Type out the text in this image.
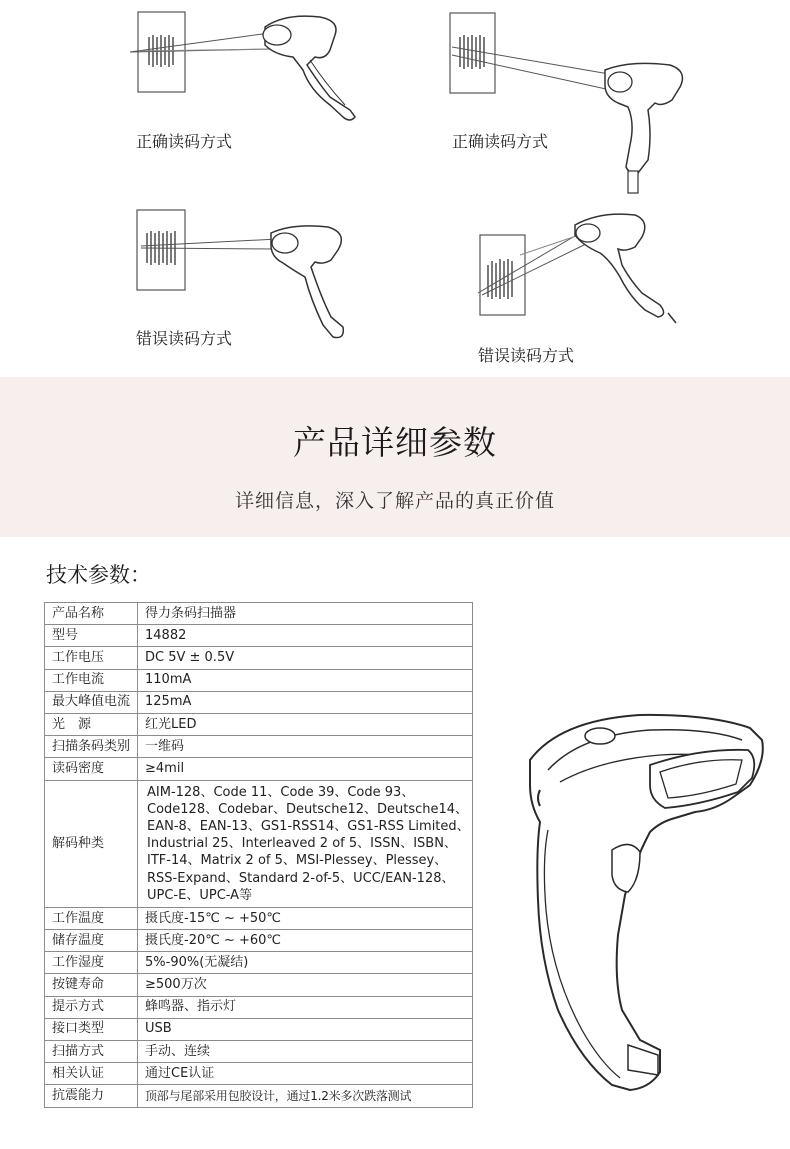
正确读码方式	正确读码方式
错误读码方式
错误读码方式
产品详细参数
详细信息，深入了解产品的真正价值
技术参数：
产品名称	得力条码扫描器
型号	14882
工作电压	DC 5V ± 0.5V
工作电流	110mA
最大峰值电流	125mA
光　源	红光LED
扫描条码类别	一维码
读码密度	≥4mil
解码种类	AIM-128、Code 11、Code 39、Code 93、Code128、Codebar、Deutsche12、Deutsche14、EAN-8、EAN-13、GS1-RSS14、GS1-RSS Limited、Industrial 25、Interleaved 2 of 5、ISSN、ISBN、ITF-14、Matrix 2 of 5、MSI-Plessey、Plessey、RSS-Expand、Standard 2-of-5、UCC/EAN-128、UPC-E、UPC-A等
工作温度	摄氏度-15℃ ~ +50℃
储存温度	摄氏度-20℃ ~ +60℃
工作湿度	5%-90%(无凝结)
按键寿命	≥500万次
提示方式	蜂鸣器、指示灯
接口类型	USB
扫描方式	手动、连续
相关认证	通过CE认证
抗震能力	顶部与尾部采用包胶设计，通过1.2米多次跌落测试
